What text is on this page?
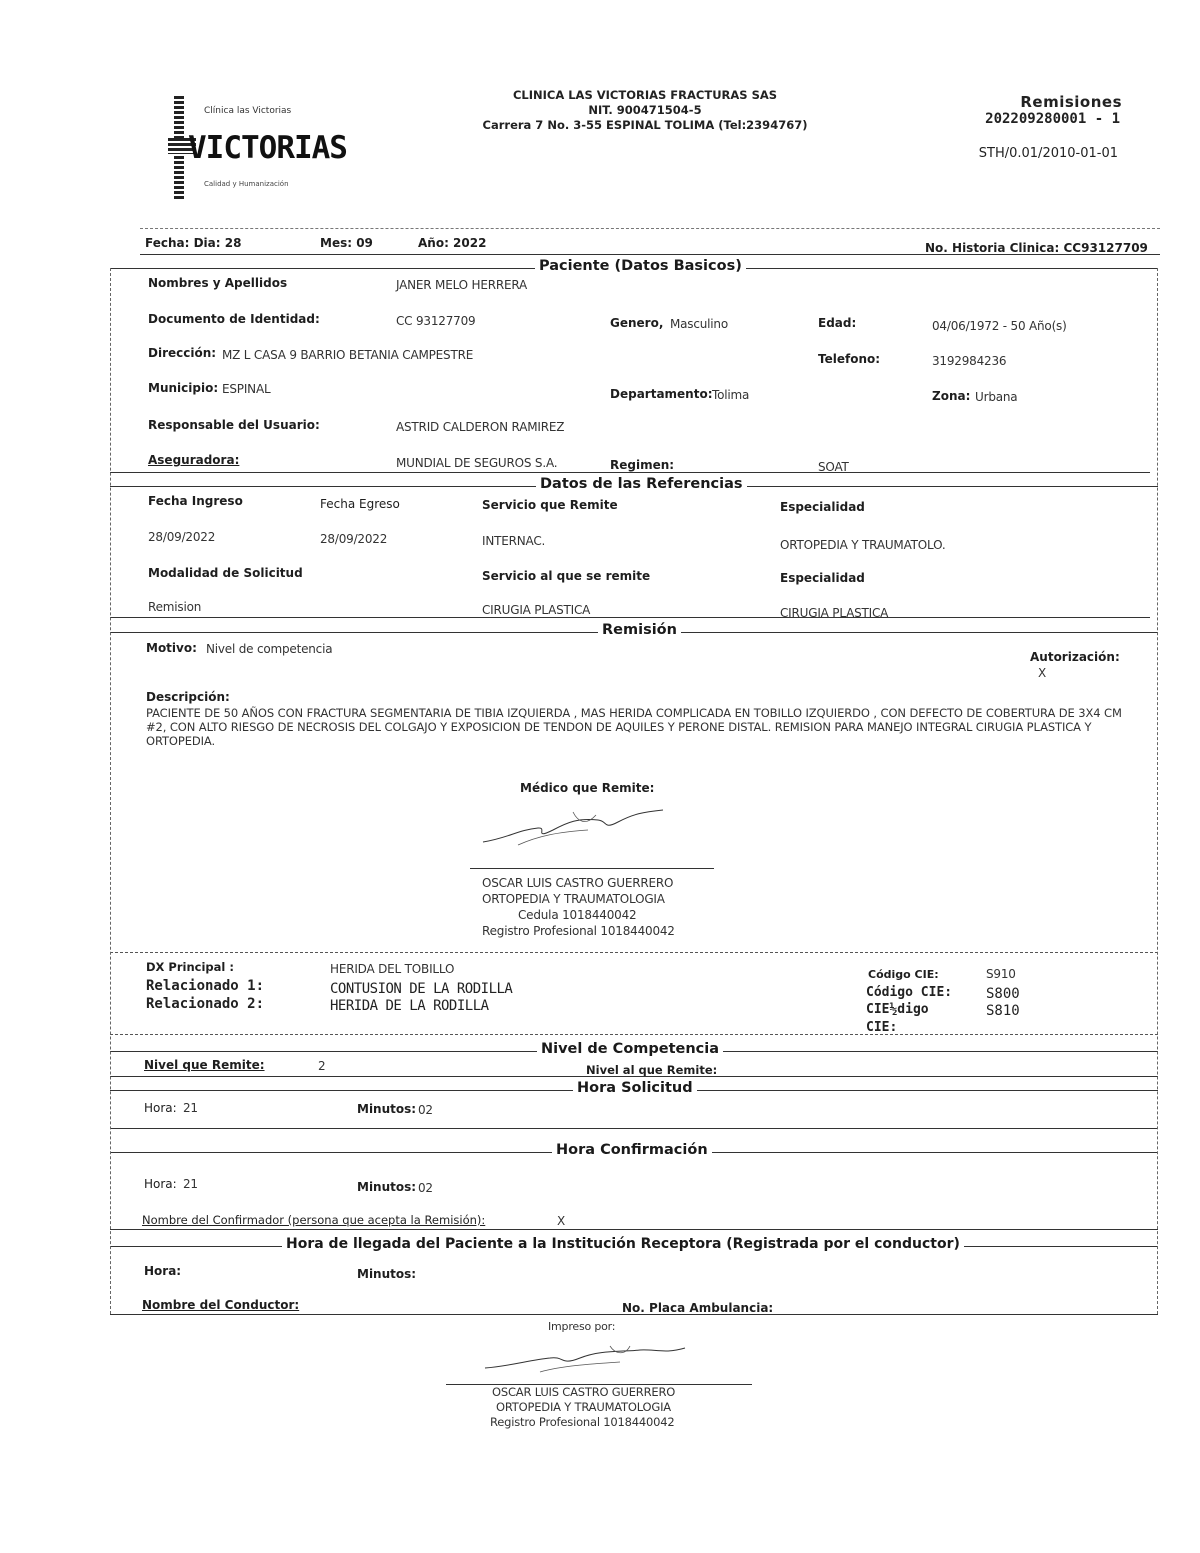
Clínica las Victorias
VICTORIAS
Calidad y Humanización
CLINICA LAS VICTORIAS FRACTURAS SAS
NIT. 900471504-5
Carrera 7 No. 3-55 ESPINAL TOLIMA (Tel:2394767)
Remisiones
202209280001 - 1
STH/0.01/2010-01-01
Fecha: Dia: 28	Mes: 09	Año: 2022	No. Historia Clinica: CC93127709
Paciente (Datos Basicos)
Nombres y Apellidos	JANER MELO HERRERA
Documento de Identidad:	CC 93127709	Genero, Masculino	Edad:	04/06/1972 - 50 Año(s)
Dirección: MZ L CASA 9 BARRIO BETANIA CAMPESTRE	Telefono:	3192984236
Municipio: ESPINAL	Departamento: Tolima	Zona: Urbana
Responsable del Usuario:	ASTRID CALDERON RAMIREZ
Aseguradora:	MUNDIAL DE SEGUROS S.A.	Regimen:	SOAT
Datos de las Referencias
Fecha Ingreso	Fecha Egreso	Servicio que Remite	Especialidad
28/09/2022	28/09/2022	INTERNAC.	ORTOPEDIA Y TRAUMATOLO.
Modalidad de Solicitud	Servicio al que se remite	Especialidad
Remision	CIRUGIA PLASTICA	CIRUGIA PLASTICA
Remisión
Motivo: Nivel de competencia
Autorización:
X
Descripción:
PACIENTE DE 50 AÑOS CON FRACTURA SEGMENTARIA DE TIBIA IZQUIERDA , MAS HERIDA COMPLICADA EN TOBILLO IZQUIERDO , CON DEFECTO DE COBERTURA DE 3X4 CM #2, CON ALTO RIESGO DE NECROSIS DEL COLGAJO Y EXPOSICION DE TENDON DE AQUILES Y PERONE DISTAL. REMISION PARA MANEJO INTEGRAL CIRUGIA PLASTICA Y ORTOPEDIA.
Médico que Remite:
OSCAR LUIS CASTRO GUERRERO
ORTOPEDIA Y TRAUMATOLOGIA
Cedula 1018440042
Registro Profesional 1018440042
DX Principal :	HERIDA DEL TOBILLO
Relacionado 1:	CONTUSION DE LA RODILLA
Relacionado 2:	HERIDA DE LA RODILLA
Código CIE:	S910
Código CIE: S800
CIE½digo	S810
CIE:
Nivel de Competencia
Nivel que Remite:	2	Nivel al que Remite:
Hora Solicitud
Hora: 21	Minutos: 02
Hora Confirmación
Hora: 21	Minutos: 02
Nombre del Confirmador (persona que acepta la Remisión):	X
Hora de llegada del Paciente a la Institución Receptora (Registrada por el conductor)
Hora:	Minutos:
Nombre del Conductor:	No. Placa Ambulancia:
Impreso por:
OSCAR LUIS CASTRO GUERRERO
ORTOPEDIA Y TRAUMATOLOGIA
Registro Profesional 1018440042
